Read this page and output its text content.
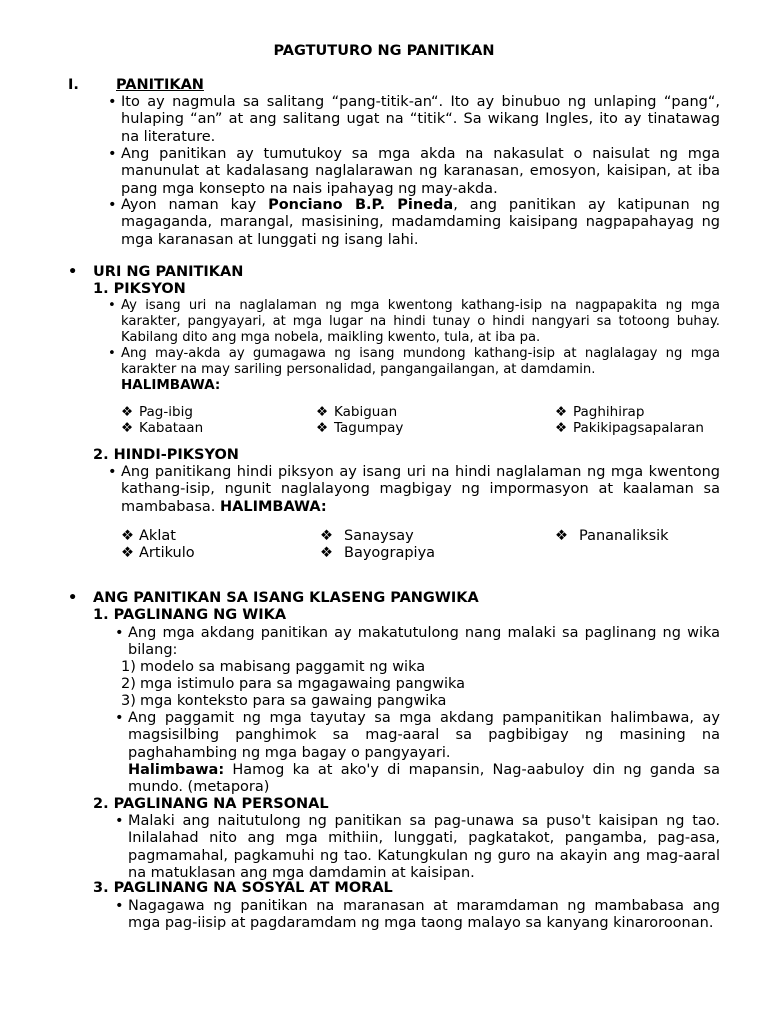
PAGTUTURO NG PANITIKAN
I.	PANITIKAN
• Ito ay nagmula sa salitang “pang-titik-an“. Ito ay binubuo ng unlaping “pang“, hulaping “an” at ang salitang ugat na “titik“. Sa wikang Ingles, ito ay tinatawag na literature.
• Ang panitikan ay tumutukoy sa mga akda na nakasulat o naisulat ng mga manunulat at kadalasang naglalarawan ng karanasan, emosyon, kaisipan, at iba pang mga konsepto na nais ipahayag ng may-akda.
• Ayon naman kay Ponciano B.P. Pineda, ang panitikan ay katipunan ng magaganda, marangal, masisining, madamdaming kaisipang nagpapahayag ng mga karanasan at lunggati ng isang lahi.
• URI NG PANITIKAN
1. PIKSYON
• Ay isang uri na naglalaman ng mga kwentong kathang-isip na nagpapakita ng mga karakter, pangyayari, at mga lugar na hindi tunay o hindi nangyari sa totoong buhay. Kabilang dito ang mga nobela, maikling kwento, tula, at iba pa.
• Ang may-akda ay gumagawa ng isang mundong kathang-isip at naglalagay ng mga karakter na may sariling personalidad, pangangailangan, at damdamin.
HALIMBAWA:
❖ Pag-ibig	❖ Kabiguan	❖ Paghihirap
❖ Kabataan	❖ Tagumpay	❖ Pakikipagsapalaran
2. HINDI-PIKSYON
• Ang panitikang hindi piksyon ay isang uri na hindi naglalaman ng mga kwentong kathang-isip, ngunit naglalayong magbigay ng impormasyon at kaalaman sa mambabasa. HALIMBAWA:
❖ Aklat	❖ Sanaysay	❖ Pananaliksik
❖ Artikulo	❖ Bayograpiya
• ANG PANITIKAN SA ISANG KLASENG PANGWIKA
1. PAGLINANG NG WIKA
• Ang mga akdang panitikan ay makatutulong nang malaki sa paglinang ng wika bilang:
1) modelo sa mabisang paggamit ng wika
2) mga istimulo para sa mgagawaing pangwika
3) mga konteksto para sa gawaing pangwika
• Ang paggamit ng mga tayutay sa mga akdang pampanitikan halimbawa, ay magsisilbing panghimok sa mag-aaral sa pagbibigay ng masining na paghahambing ng mga bagay o pangyayari.
Halimbawa: Hamog ka at ako'y di mapansin, Nag-aabuloy din ng ganda sa mundo. (metapora)
2. PAGLINANG NA PERSONAL
• Malaki ang naitutulong ng panitikan sa pag-unawa sa puso't kaisipan ng tao. Inilalahad nito ang mga mithiin, lunggati, pagkatakot, pangamba, pag-asa, pagmamahal, pagkamuhi ng tao. Katungkulan ng guro na akayin ang mag-aaral na matuklasan ang mga damdamin at kaisipan.
3. PAGLINANG NA SOSYAL AT MORAL
• Nagagawa ng panitikan na maranasan at maramdaman ng mambabasa ang mga pag-iisip at pagdaramdam ng mga taong malayo sa kanyang kinaroroonan.
